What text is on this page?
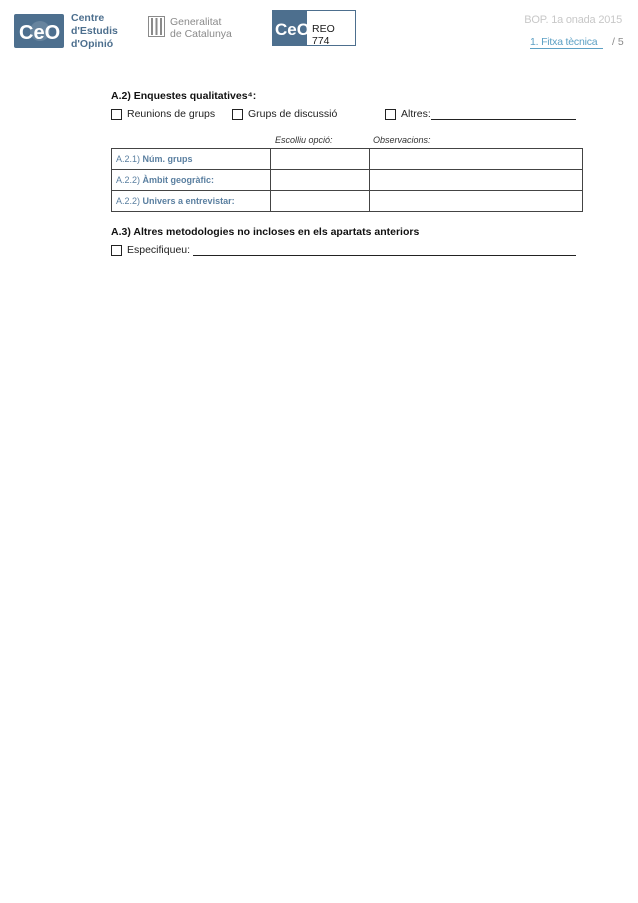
CeO
Centre
d'Estudis
d'Opinió
Generalitat
de Catalunya	CeO REO 774
BOP. 1a onada 2015
1. Fitxa tècnica / 5
A.2) Enquestes qualitatives⁴:
Reunions de grups	Grups de discussió	Altres:
Escolliu opció:	Observacions:
A.2.1) Núm. grups		
A.2.2) Àmbit geogràfic:		
A.2.2) Univers a entrevistar:		
A.3) Altres metodologies no incloses en els apartats anteriors
Especifiqueu:
